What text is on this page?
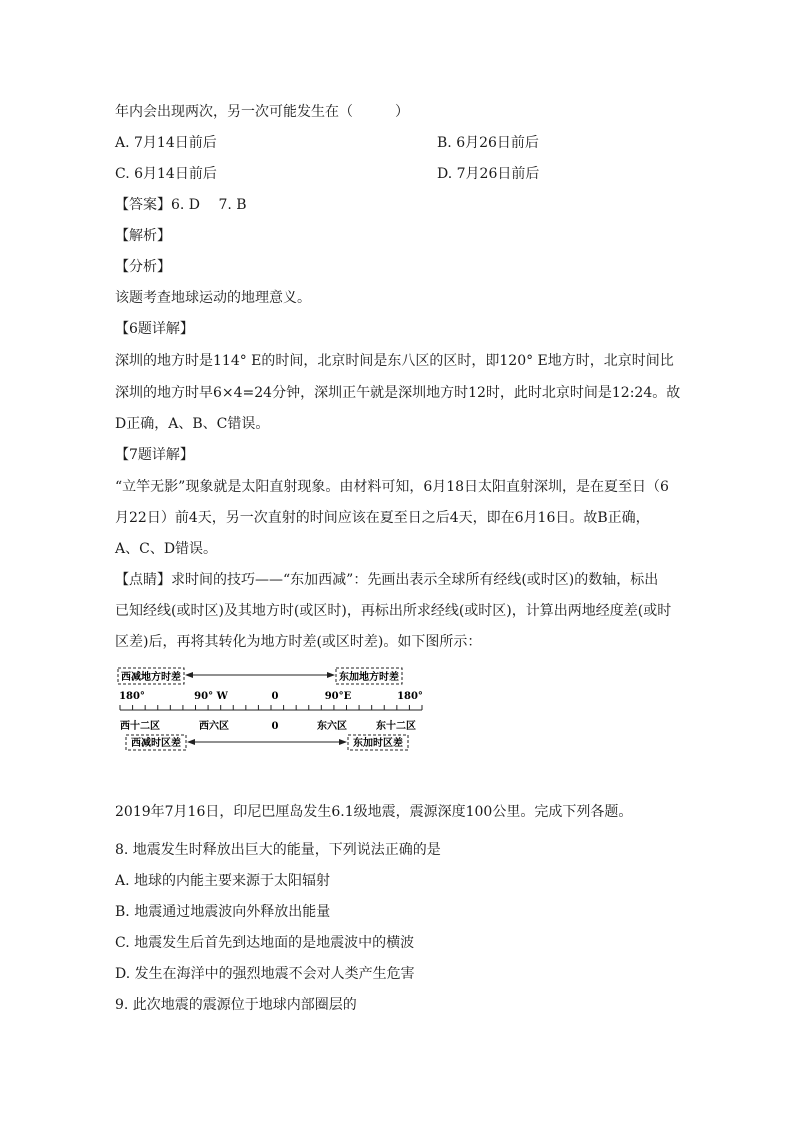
年内会出现两次，另一次可能发生在（　　　）
A. 7月14日前后	B. 6月26日前后
C. 6月14日前后	D. 7月26日前后
【答案】6. D　 7. B
【解析】
【分析】
该题考查地球运动的地理意义。
【6题详解】
深圳的地方时是114° E的时间，北京时间是东八区的区时，即120° E地方时，北京时间比
深圳的地方时早6×4=24分钟，深圳正午就是深圳地方时12时，此时北京时间是12:24。故
D正确，A、B、C错误。
【7题详解】
“立竿无影”现象就是太阳直射现象。由材料可知，6月18日太阳直射深圳，是在夏至日（6
月22日）前4天，另一次直射的时间应该在夏至日之后4天，即在6月16日。故B正确，
A、C、D错误。
【点睛】求时间的技巧——“东加西减”：先画出表示全球所有经线(或时区)的数轴，标出
已知经线(或时区)及其地方时(或区时)，再标出所求经线(或时区)，计算出两地经度差(或时
区差)后，再将其转化为地方时差(或区时差)。如下图所示：
西减地方时差	东加地方时差
180°	90° W	0	90°E	180°
西十二区	西六区	0	东六区	东十二区
西减时区差	东加时区差
2019年7月16日，印尼巴厘岛发生6.1级地震，震源深度100公里。完成下列各题。
8. 地震发生时释放出巨大的能量，下列说法正确的是
A. 地球的内能主要来源于太阳辐射
B. 地震通过地震波向外释放出能量
C. 地震发生后首先到达地面的是地震波中的横波
D. 发生在海洋中的强烈地震不会对人类产生危害
9. 此次地震的震源位于地球内部圈层的
